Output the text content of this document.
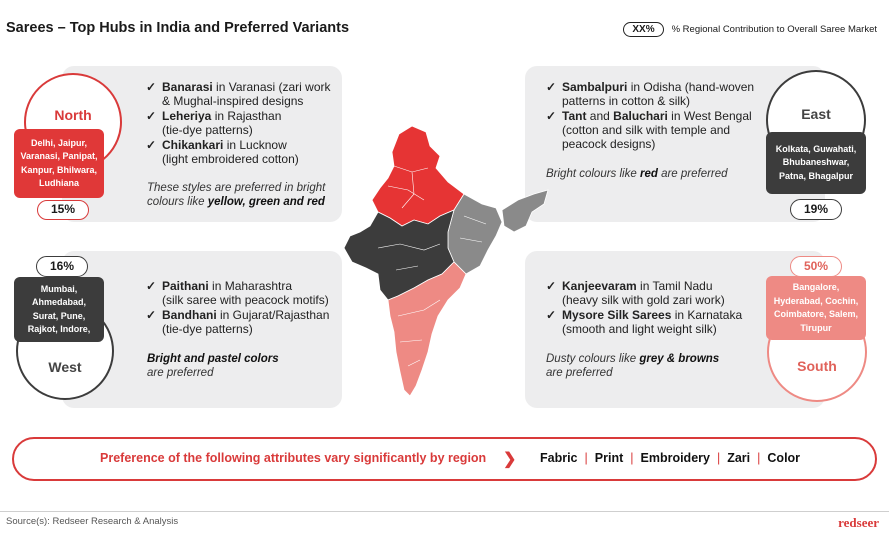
Sarees – Top Hubs in India and Preferred Variants	XX%	% Regional Contribution to Overall Saree Market
✓ Banarasi in Varanasi (zari work
& Mughal-inspired designs
✓ Leheriya in Rajasthan
(tie-dye patterns)
✓ Chikankari in Lucknow
(light embroidered cotton)
These styles are preferred in bright colours like yellow, green and red
North
Delhi, Jaipur,
Varanasi, Panipat,
Kanpur, Bhilwara,
Ludhiana
15%
✓ Sambalpuri in Odisha (hand-woven
patterns in cotton & silk)
✓ Tant and Baluchari in West Bengal
(cotton and silk with temple and
peacock designs)
Bright colours like red are preferred
East
Kolkata, Guwahati,
Bhubaneshwar,
Patna, Bhagalpur
19%
✓ Paithani in Maharashtra
(silk saree with peacock motifs)
✓ Bandhani in Gujarat/Rajasthan
(tie-dye patterns)
Bright and pastel colors
are preferred
West
Mumbai,
Ahmedabad,
Surat, Pune,
Rajkot, Indore,
16%
✓ Kanjeevaram in Tamil Nadu
(heavy silk with gold zari work)
✓ Mysore Silk Sarees in Karnataka
(smooth and light weight silk)
Dusty colours like grey & browns
are preferred	South
Bangalore,
Hyderabad, Cochin,
Coimbatore, Salem,
Tirupur
50%
Preference of the following attributes vary significantly by region ❯ Fabric | Print | Embroidery | Zari | Color
Source(s): Redseer Research & Analysis	redseer
